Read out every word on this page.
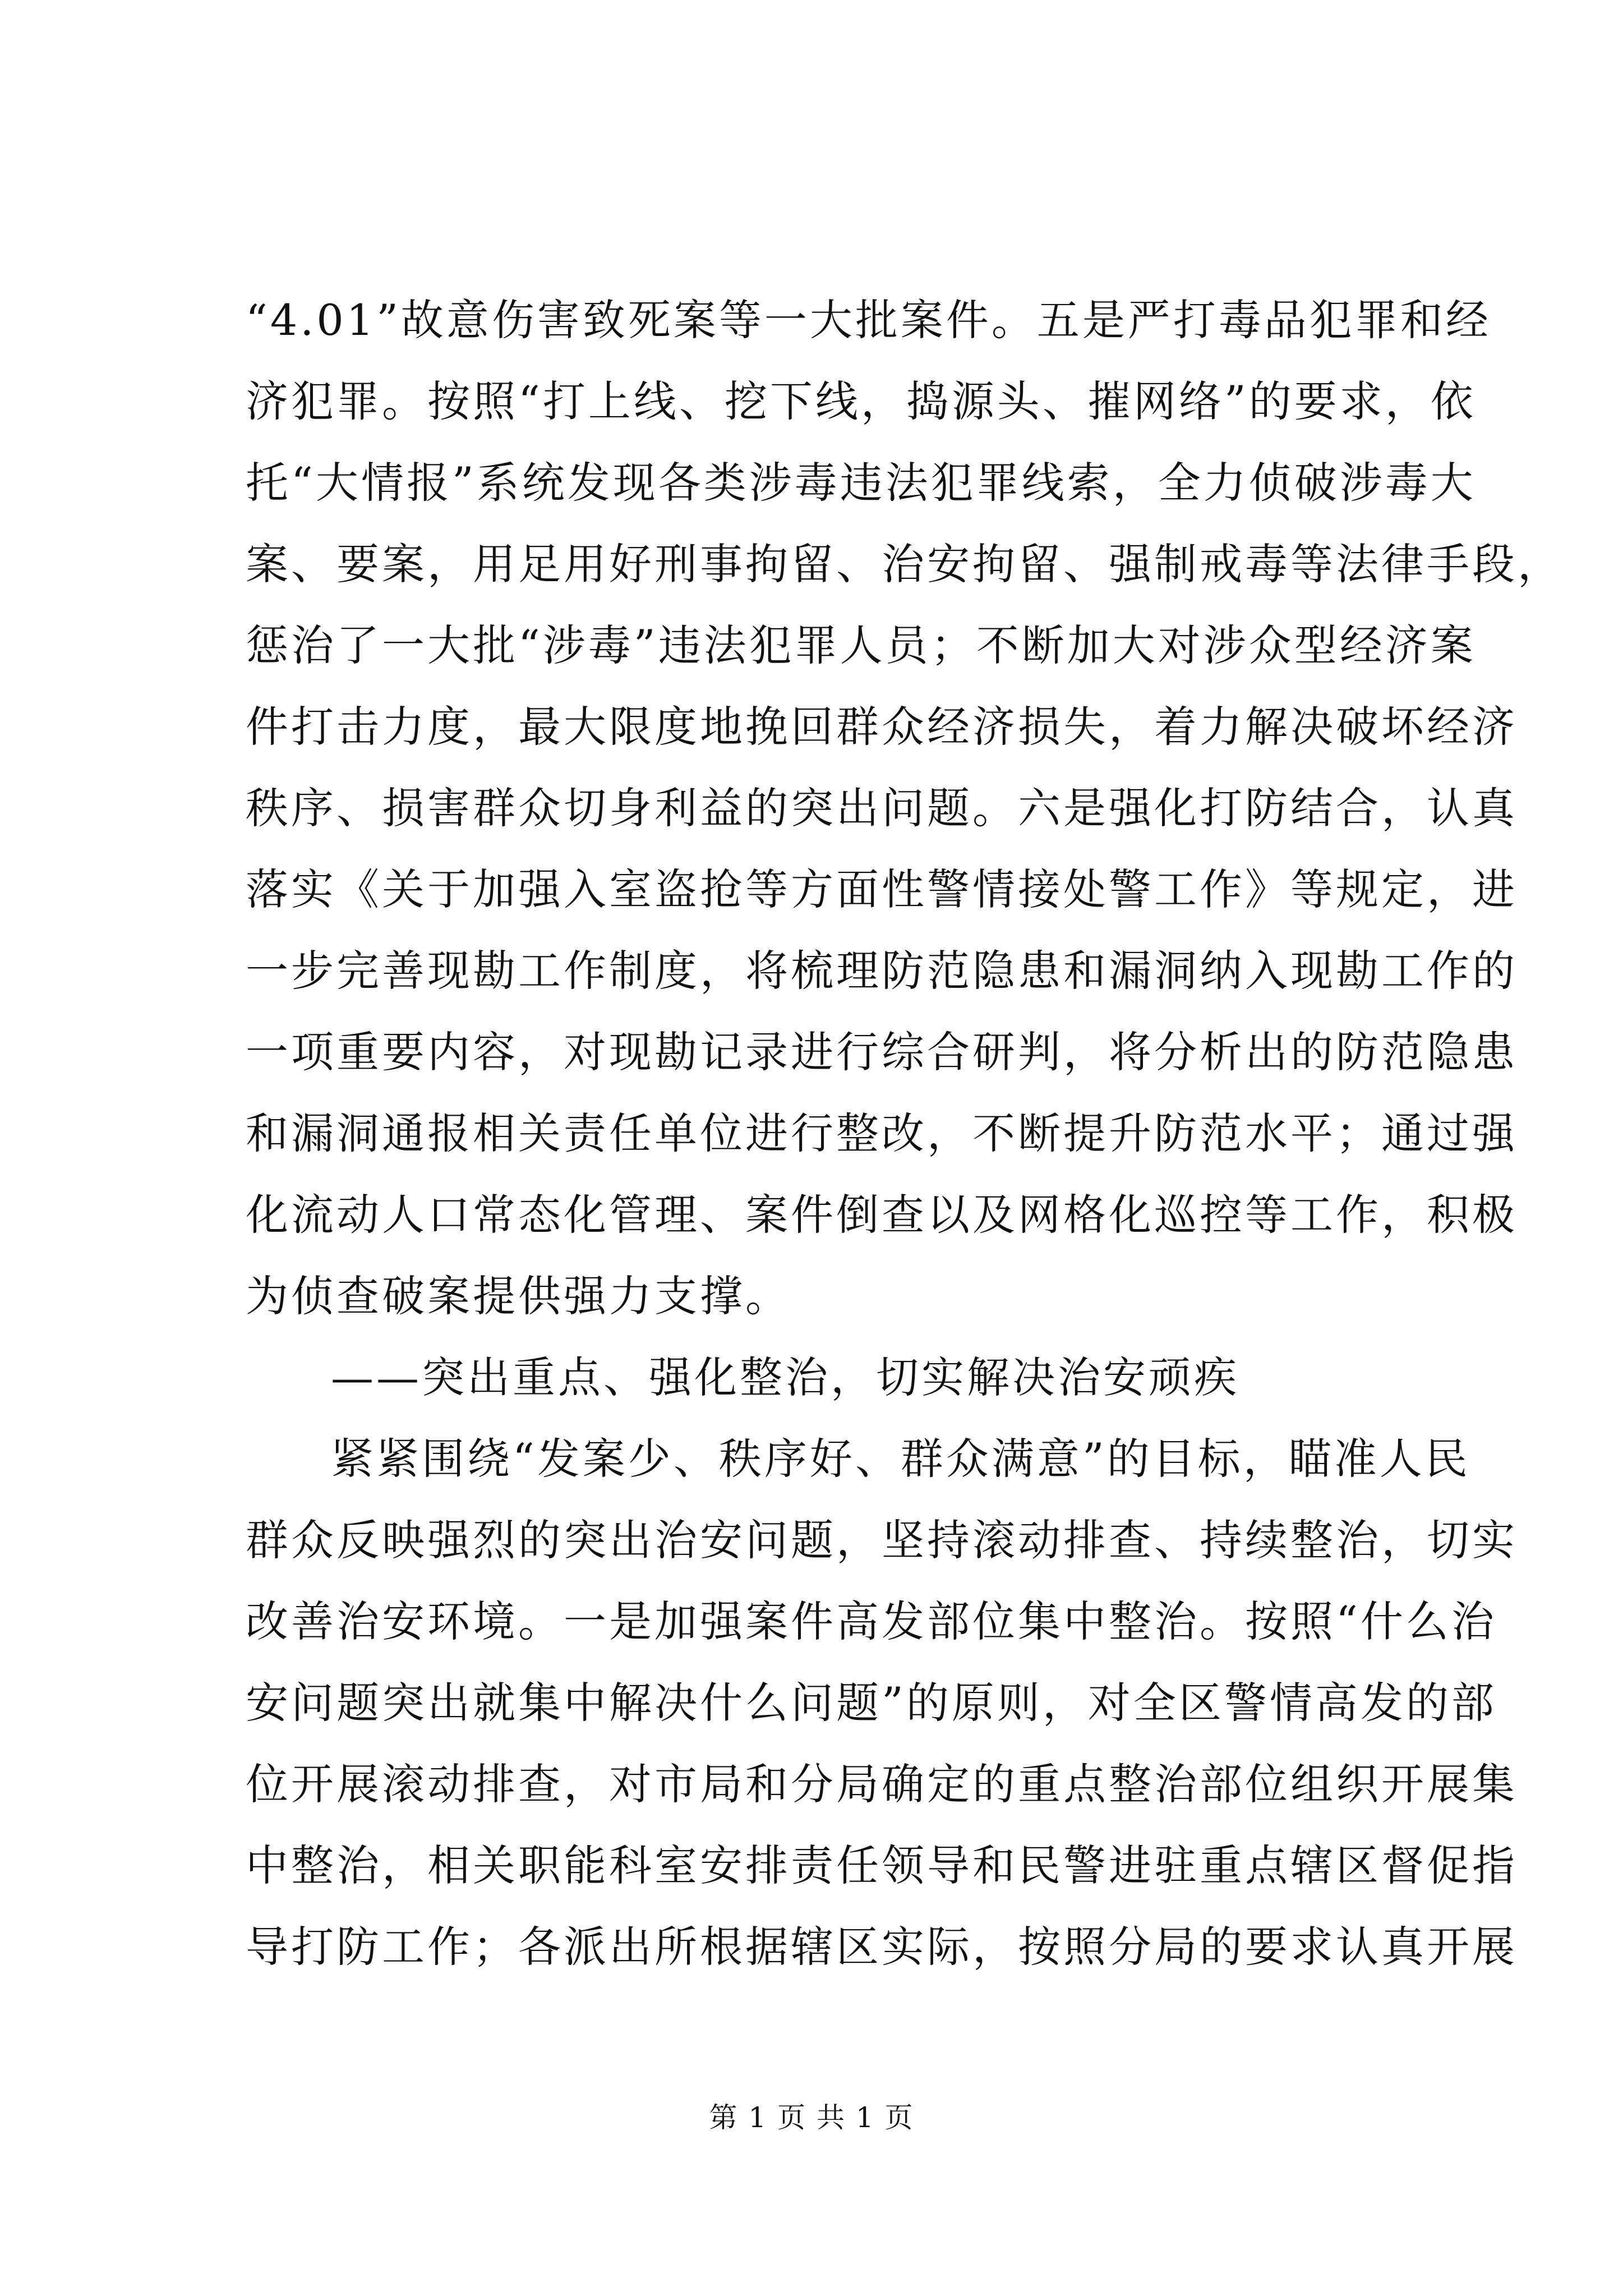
“4.01”故意伤害致死案等一大批案件。五是严打毒品犯罪和经
济犯罪。按照“打上线、挖下线，捣源头、摧网络”的要求，依
托“大情报”系统发现各类涉毒违法犯罪线索，全力侦破涉毒大
案、要案，用足用好刑事拘留、治安拘留、强制戒毒等法律手段，
惩治了一大批“涉毒”违法犯罪人员；不断加大对涉众型经济案
件打击力度，最大限度地挽回群众经济损失，着力解决破坏经济
秩序、损害群众切身利益的突出问题。六是强化打防结合，认真
落实《关于加强入室盗抢等方面性警情接处警工作》等规定，进
一步完善现勘工作制度，将梳理防范隐患和漏洞纳入现勘工作的
一项重要内容，对现勘记录进行综合研判，将分析出的防范隐患
和漏洞通报相关责任单位进行整改，不断提升防范水平；通过强
化流动人口常态化管理、案件倒查以及网格化巡控等工作，积极
为侦查破案提供强力支撑。
——突出重点、强化整治，切实解决治安顽疾
紧紧围绕“发案少、秩序好、群众满意”的目标，瞄准人民
群众反映强烈的突出治安问题，坚持滚动排查、持续整治，切实
改善治安环境。一是加强案件高发部位集中整治。按照“什么治
安问题突出就集中解决什么问题”的原则，对全区警情高发的部
位开展滚动排查，对市局和分局确定的重点整治部位组织开展集
中整治，相关职能科室安排责任领导和民警进驻重点辖区督促指
导打防工作；各派出所根据辖区实际，按照分局的要求认真开展
第 1 页 共 1 页
